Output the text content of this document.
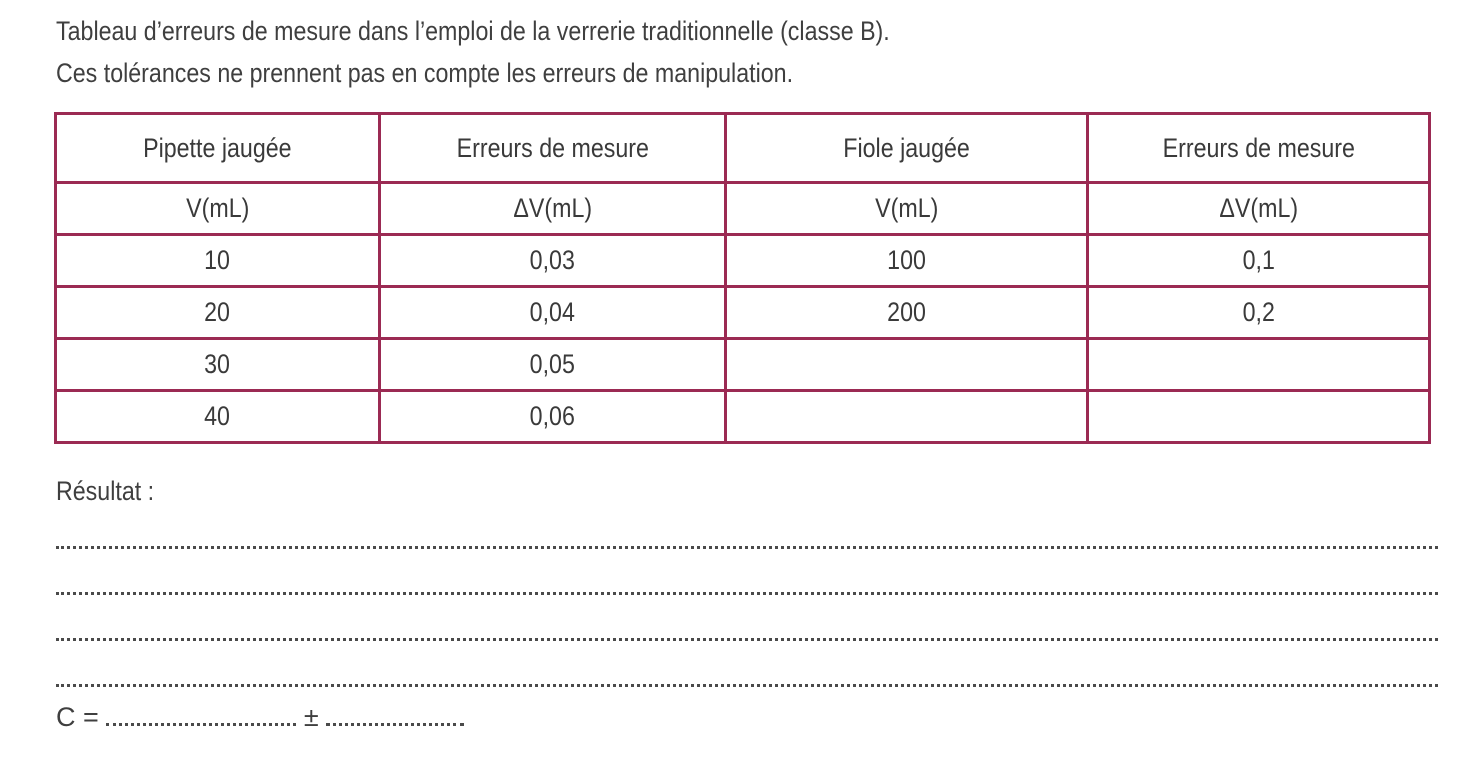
Tableau d’erreurs de mesure dans l’emploi de la verrerie traditionnelle (classe B).
Ces tolérances ne prennent pas en compte les erreurs de manipulation.
Pipette jaugée	Erreurs de mesure	Fiole jaugée	Erreurs de mesure
V(mL)	ΔV(mL)	V(mL)	ΔV(mL)
10	0,03	100	0,1
20	0,04	200	0,2
30	0,05		
40	0,06		
Résultat :
C =	±
